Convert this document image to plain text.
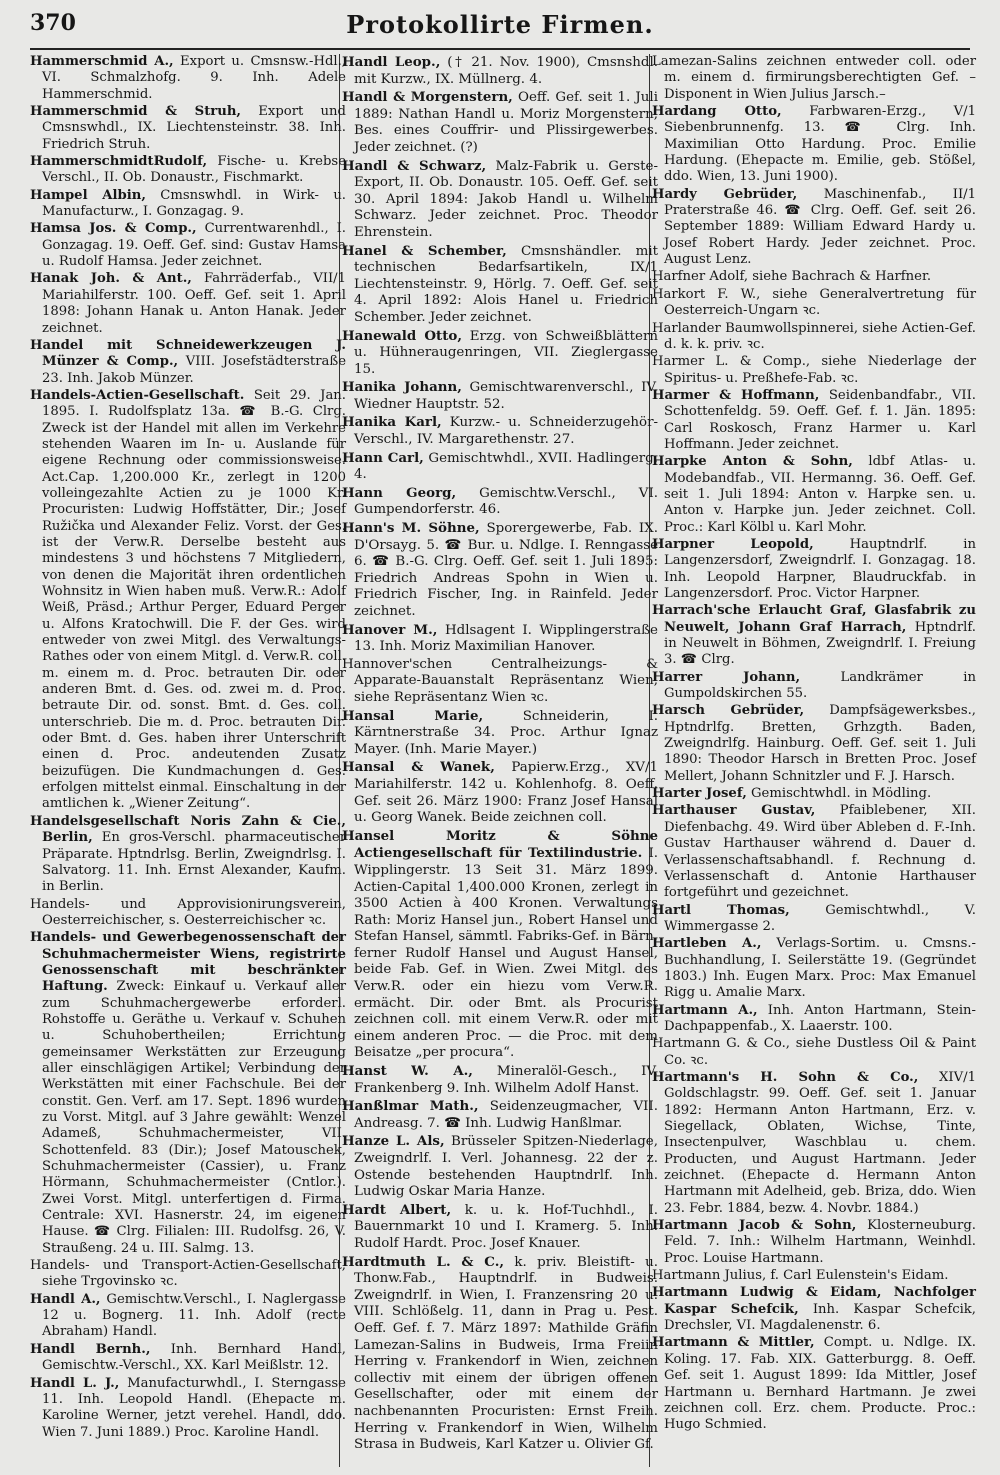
370	Protokollirte Firmen.

Hammerschmid A., Export u. Cmsnsw.-Hdl., VI. Schmalzhofg. 9. Inh. Adele Hammerschmid.

Hammerschmid & Struh, Export und Cmsnswhdl., IX. Liechtensteinstr. 38. Inh. Friedrich Struh.

HammerschmidtRudolf, Fische- u. Krebse Verschl., II. Ob. Donaustr., Fischmarkt.

Hampel Albin, Cmsnswhdl. in Wirk- u. Manufacturw., I. Gonzagag. 9.

Hamsa Jos. & Comp., Currentwarenhdl., I. Gonzagag. 19. Oeff. Gef. sind: Gustav Hamsa u. Rudolf Hamsa. Jeder zeichnet.

Hanak Joh. & Ant., Fahrräderfab., VII/1 Mariahilferstr. 100. Oeff. Gef. seit 1. April 1898: Johann Hanak u. Anton Hanak. Jeder zeichnet.

Handel mit Schneidewerkzeugen J. Münzer & Comp., VIII. Josefstädterstraße 23. Inh. Jakob Münzer.

Handels-Actien-Gesellschaft. Seit 29. Jan. 1895. I. Rudolfsplatz 13a. ☎ B.-G. Clrg. Zweck ist der Handel mit allen im Verkehre stehenden Waaren im In- u. Auslande für eigene Rechnung oder commissionsweise. Act.Cap. 1,200.000 Kr., zerlegt in 1200 volleingezahlte Actien zu je 1000 Kr. Procuristen: Ludwig Hoffstätter, Dir.; Josef Ružička und Alexander Feliz. Vorst. der Ges. ist der Verw.R. Derselbe besteht aus mindestens 3 und höchstens 7 Mitgliedern, von denen die Majorität ihren ordentlichen Wohnsitz in Wien haben muß. Verw.R.: Adolf Weiß, Präsd.; Arthur Perger, Eduard Perger u. Alfons Kratochwill. Die F. der Ges. wird entweder von zwei Mitgl. des Verwaltungs-Rathes oder von einem Mitgl. d. Verw.R. coll. m. einem m. d. Proc. betrauten Dir. oder anderen Bmt. d. Ges. od. zwei m. d. Proc. betraute Dir. od. sonst. Bmt. d. Ges. coll. unterschrieb. Die m. d. Proc. betrauten Dir. oder Bmt. d. Ges. haben ihrer Unterschrift einen d. Proc. andeutenden Zusatz beizufügen. Die Kundmachungen d. Ges. erfolgen mittelst einmal. Einschaltung in der amtlichen k. „Wiener Zeitung“.

Handelsgesellschaft Noris Zahn & Cie., Berlin, En gros-Verschl. pharmaceutischer Präparate. Hptndrlsg. Berlin, Zweigndrlsg. I. Salvatorg. 11. Inh. Ernst Alexander, Kaufm. in Berlin.

Handels- und Approvisionirungsverein, Oesterreichischer, s. Oesterreichischer ꝛc.

Handels- und Gewerbegenossenschaft der Schuhmachermeister Wiens, registrirte Genossenschaft mit beschränkter Haftung. Zweck: Einkauf u. Verkauf aller zum Schuhmachergewerbe erforderl. Rohstoffe u. Geräthe u. Verkauf v. Schuhen u. Schuhobertheilen; Errichtung gemeinsamer Werkstätten zur Erzeugung aller einschlägigen Artikel; Verbindung der Werkstätten mit einer Fachschule. Bei der constit. Gen. Verf. am 17. Sept. 1896 wurden zu Vorst. Mitgl. auf 3 Jahre gewählt: Wenzel Adameß, Schuhmachermeister, VII. Schottenfeld. 83 (Dir.); Josef Matouschek, Schuhmachermeister (Cassier), u. Franz Hörmann, Schuhmachermeister (Cntlor.). Zwei Vorst. Mitgl. unterfertigen d. Firma. Centrale: XVI. Hasnerstr. 24, im eigenen Hause. ☎ Clrg. Filialen: III. Rudolfsg. 26, V. Straußeng. 24 u. III. Salmg. 13.

Handels- und Transport-Actien-Gesellschaft, siehe Trgovinsko ꝛc.

Handl A., Gemischtw.Verschl., I. Naglergasse 12 u. Bognerg. 11. Inh. Adolf (recte Abraham) Handl.

Handl Bernh., Inh. Bernhard Handl, Gemischtw.-Verschl., XX. Karl Meißlstr. 12.

Handl L. J., Manufacturwhdl., I. Sterngasse 11. Inh. Leopold Handl. (Ehepacte m. Karoline Werner, jetzt verehel. Handl, ddo. Wien 7. Juni 1889.) Proc. Karoline Handl.

Handl Leop., († 21. Nov. 1900), Cmsnshdl. mit Kurzw., IX. Müllnerg. 4.

Handl & Morgenstern, Oeff. Gef. seit 1. Juli 1889: Nathan Handl u. Moriz Morgenstern, Bes. eines Couffrir- und Plissirgewerbes. Jeder zeichnet. (?)

Handl & Schwarz, Malz-Fabrik u. Gerste-Export, II. Ob. Donaustr. 105. Oeff. Gef. seit 30. April 1894: Jakob Handl u. Wilhelm Schwarz. Jeder zeichnet. Proc. Theodor Ehrenstein.

Hanel & Schember, Cmsnshändler. mit technischen Bedarfsartikeln, IX/1 Liechtensteinstr. 9, Hörlg. 7. Oeff. Gef. seit 4. April 1892: Alois Hanel u. Friedrich Schember. Jeder zeichnet.

Hanewald Otto, Erzg. von Schweißblättern u. Hühneraugenringen, VII. Zieglergasse 15.

Hanika Johann, Gemischtwarenverschl., IV. Wiedner Hauptstr. 52.

Hanika Karl, Kurzw.- u. Schneiderzugehör-Verschl., IV. Margarethenstr. 27.

Hann Carl, Gemischtwhdl., XVII. Hadlingerg. 4.

Hann Georg, Gemischtw.Verschl., VI. Gumpendorferstr. 46.

Hann's M. Söhne, Sporergewerbe, Fab. IX. D'Orsayg. 5. ☎ Bur. u. Ndlge. I. Renngasse 6. ☎ B.-G. Clrg. Oeff. Gef. seit 1. Juli 1895: Friedrich Andreas Spohn in Wien u. Friedrich Fischer, Ing. in Rainfeld. Jeder zeichnet.

Hanover M., Hdlsagent I. Wipplingerstraße 13. Inh. Moriz Maximilian Hanover.

Hannover'schen Centralheizungs- & Apparate-Bauanstalt Repräsentanz Wien, siehe Repräsentanz Wien ꝛc.

Hansal Marie, Schneiderin, I. Kärntnerstraße 34. Proc. Arthur Ignaz Mayer. (Inh. Marie Mayer.)

Hansal & Wanek, Papierw.Erzg., XV/1 Mariahilferstr. 142 u. Kohlenhofg. 8. Oeff. Gef. seit 26. März 1900: Franz Josef Hansal u. Georg Wanek. Beide zeichnen coll.

Hansel Moritz & Söhne Actiengesellschaft für Textilindustrie. I. Wipplingerstr. 13 Seit 31. März 1899. Actien-Capital 1,400.000 Kronen, zerlegt in 3500 Actien à 400 Kronen. Verwaltungs Rath: Moriz Hansel jun., Robert Hansel und Stefan Hansel, sämmtl. Fabriks-Gef. in Bärn, ferner Rudolf Hansel und August Hansel, beide Fab. Gef. in Wien. Zwei Mitgl. des Verw.R. oder ein hiezu vom Verw.R. ermächt. Dir. oder Bmt. als Procurist zeichnen coll. mit einem Verw.R. oder mit einem anderen Proc. — die Proc. mit dem Beisatze „per procura“.

Hanst W. A., Mineralöl-Gesch., IV. Frankenberg 9. Inh. Wilhelm Adolf Hanst.

Hanßlmar Math., Seidenzeugmacher, VII. Andreasg. 7. ☎ Inh. Ludwig Hanßlmar.

Hanze L. Als, Brüsseler Spitzen-Niederlage, Zweigndrlf. I. Verl. Johannesg. 22 der z. Ostende bestehenden Hauptndrlf. Inh. Ludwig Oskar Maria Hanze.

Hardt Albert, k. u. k. Hof-Tuchhdl., I. Bauernmarkt 10 und I. Kramerg. 5. Inh. Rudolf Hardt. Proc. Josef Knauer.

Hardtmuth L. & C., k. priv. Bleistift- u. Thonw.Fab., Hauptndrlf. in Budweis. Zweigndrlf. in Wien, I. Franzensring 20 u. VIII. Schlößelg. 11, dann in Prag u. Pest. Oeff. Gef. f. 7. März 1897: Mathilde Gräfin Lamezan-Salins in Budweis, Irma Freiin Herring v. Frankendorf in Wien, zeichnen collectiv mit einem der übrigen offenen Gesellschafter, oder mit einem der nachbenannten Procuristen: Ernst Freih. Herring v. Frankendorf in Wien, Wilhelm Strasa in Budweis, Karl Katzer u. Olivier Gf.

Lamezan-Salins zeichnen entweder coll. oder m. einem d. firmirungsberechtigten Gef. –Disponent in Wien Julius Jarsch.–

Hardang Otto, Farbwaren-Erzg., V/1 Siebenbrunnenfg. 13. ☎ Clrg. Inh. Maximilian Otto Hardung. Proc. Emilie Hardung. (Ehepacte m. Emilie, geb. Stößel, ddo. Wien, 13. Juni 1900).

Hardy Gebrüder, Maschinenfab., II/1 Praterstraße 46. ☎ Clrg. Oeff. Gef. seit 26. September 1889: William Edward Hardy u. Josef Robert Hardy. Jeder zeichnet. Proc. August Lenz.

Harfner Adolf, siehe Bachrach & Harfner.

Harkort F. W., siehe Generalvertretung für Oesterreich-Ungarn ꝛc.

Harlander Baumwollspinnerei, siehe Actien-Gef. d. k. k. priv. ꝛc.

Harmer L. & Comp., siehe Niederlage der Spiritus- u. Preßhefe-Fab. ꝛc.

Harmer & Hoffmann, Seidenbandfabr., VII. Schottenfeldg. 59. Oeff. Gef. f. 1. Jän. 1895: Carl Roskosch, Franz Harmer u. Karl Hoffmann. Jeder zeichnet.

Harpke Anton & Sohn, ldbf Atlas- u. Modebandfab., VII. Hermanng. 36. Oeff. Gef. seit 1. Juli 1894: Anton v. Harpke sen. u. Anton v. Harpke jun. Jeder zeichnet. Coll. Proc.: Karl Kölbl u. Karl Mohr.

Harpner Leopold, Hauptndrlf. in Langenzersdorf, Zweigndrlf. I. Gonzagag. 18. Inh. Leopold Harpner, Blaudruckfab. in Langenzersdorf. Proc. Victor Harpner.

Harrach'sche Erlaucht Graf, Glasfabrik zu Neuwelt, Johann Graf Harrach, Hptndrlf. in Neuwelt in Böhmen, Zweigndrlf. I. Freiung 3. ☎ Clrg.

Harrer Johann, Landkrämer in Gumpoldskirchen 55.

Harsch Gebrüder, Dampfsägewerksbes., Hptndrlfg. Bretten, Grhzgth. Baden, Zweigndrlfg. Hainburg. Oeff. Gef. seit 1. Juli 1890: Theodor Harsch in Bretten Proc. Josef Mellert, Johann Schnitzler und F. J. Harsch.

Harter Josef, Gemischtwhdl. in Mödling.

Harthauser Gustav, Pfaiblebener, XII. Diefenbachg. 49. Wird über Ableben d. F.-Inh. Gustav Harthauser während d. Dauer d. Verlassenschaftsabhandl. f. Rechnung d. Verlassenschaft d. Antonie Harthauser fortgeführt und gezeichnet.

Hartl Thomas, Gemischtwhdl., V. Wimmergasse 2.

Hartleben A., Verlags-Sortim. u. Cmsns.-Buchhandlung, I. Seilerstätte 19. (Gegründet 1803.) Inh. Eugen Marx. Proc: Max Emanuel Rigg u. Amalie Marx.

Hartmann A., Inh. Anton Hartmann, Stein-Dachpappenfab., X. Laaerstr. 100.

Hartmann G. & Co., siehe Dustless Oil & Paint Co. ꝛc.

Hartmann's H. Sohn & Co., XIV/1 Goldschlagstr. 99. Oeff. Gef. seit 1. Januar 1892: Hermann Anton Hartmann, Erz. v. Siegellack, Oblaten, Wichse, Tinte, Insectenpulver, Waschblau u. chem. Producten, und August Hartmann. Jeder zeichnet. (Ehepacte d. Hermann Anton Hartmann mit Adelheid, geb. Briza, ddo. Wien 23. Febr. 1884, bezw. 4. Novbr. 1884.)

Hartmann Jacob & Sohn, Klosterneuburg. Feld. 7. Inh.: Wilhelm Hartmann, Weinhdl. Proc. Louise Hartmann.

Hartmann Julius, f. Carl Eulenstein's Eidam.

Hartmann Ludwig & Eidam, Nachfolger Kaspar Schefcik, Inh. Kaspar Schefcik, Drechsler, VI. Magdalenenstr. 6.

Hartmann & Mittler, Compt. u. Ndlge. IX. Koling. 17. Fab. XIX. Gatterburgg. 8. Oeff. Gef. seit 1. August 1899: Ida Mittler, Josef Hartmann u. Bernhard Hartmann. Je zwei zeichnen coll. Erz. chem. Producte. Proc.: Hugo Schmied.
